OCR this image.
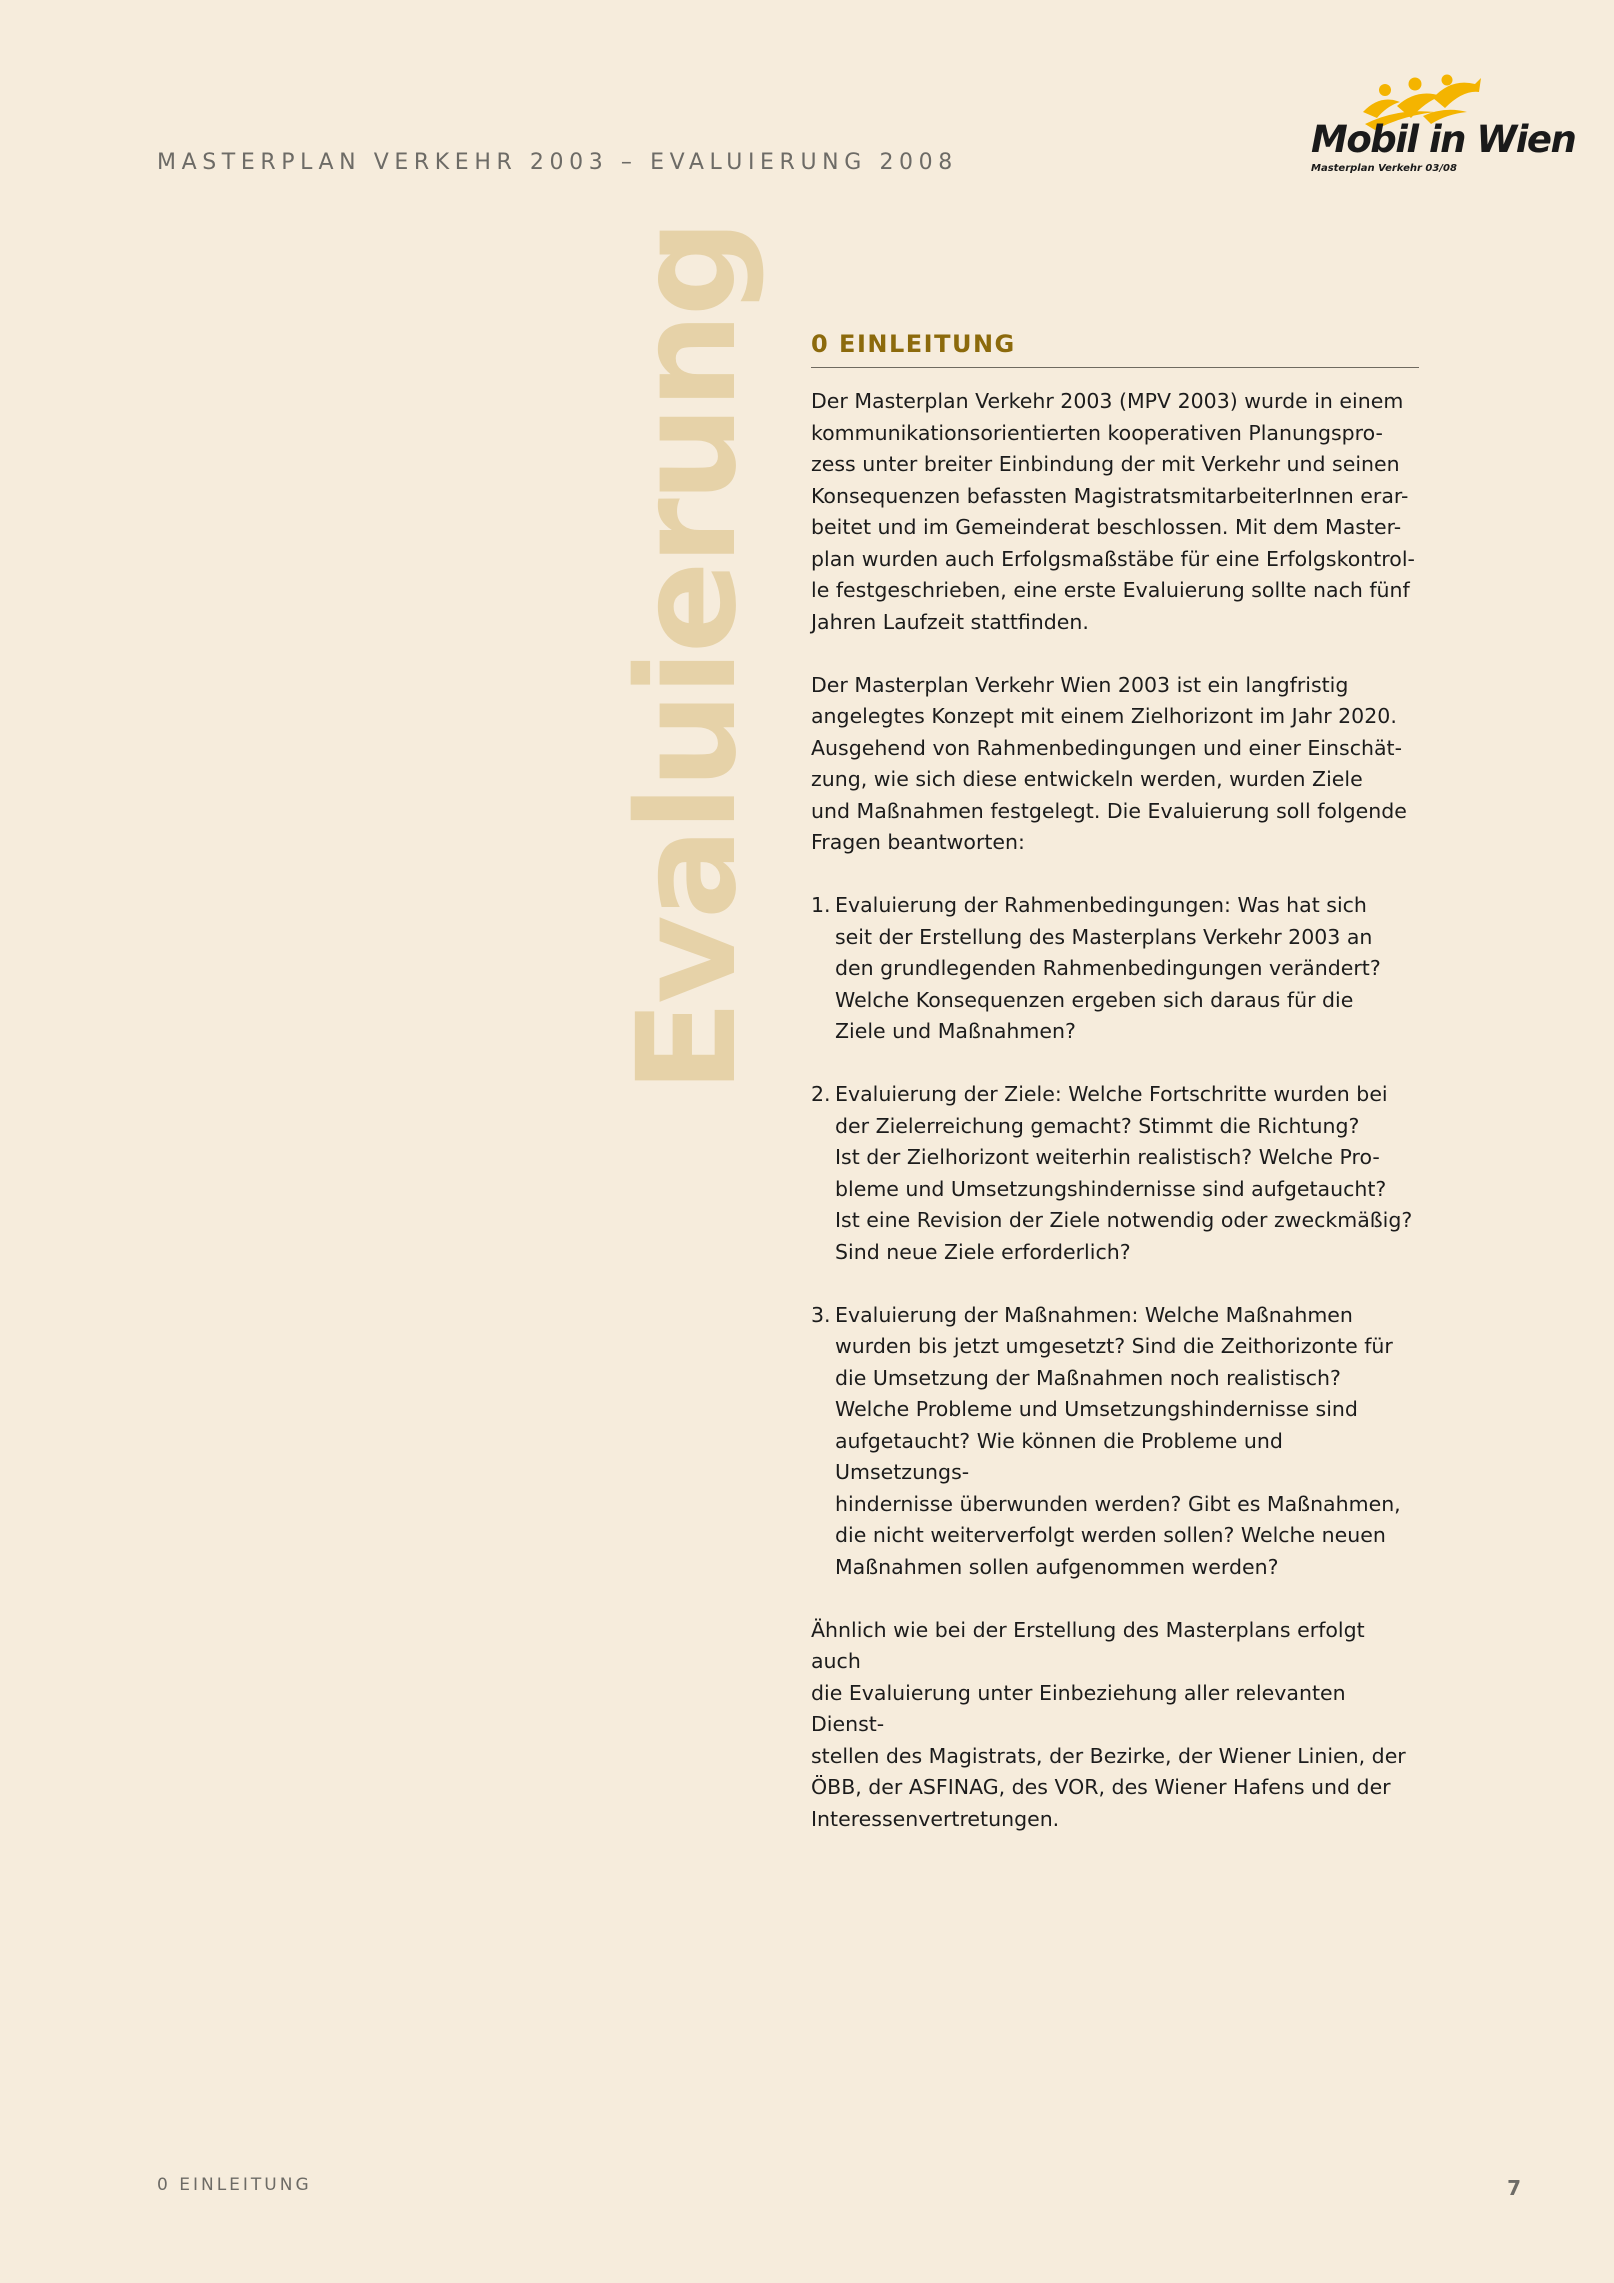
MASTERPLAN VERKEHR 2003 – EVALUIERUNG 2008
Mobil in Wien
Masterplan Verkehr 03/08
Evaluierung 0 EINLEITUNG

Der Masterplan Verkehr 2003 (MPV 2003) wurde in einem
kommunikationsorientierten kooperativen Planungspro-
zess unter breiter Einbindung der mit Verkehr und seinen
Konsequenzen befassten MagistratsmitarbeiterInnen erar-
beitet und im Gemeinderat beschlossen. Mit dem Master-
plan wurden auch Erfolgsmaßstäbe für eine Erfolgskontrol-
le festgeschrieben, eine erste Evaluierung sollte nach fünf
Jahren Laufzeit stattfinden.

Der Masterplan Verkehr Wien 2003 ist ein langfristig
angelegtes Konzept mit einem Zielhorizont im Jahr 2020.
Ausgehend von Rahmenbedingungen und einer Einschät-
zung, wie sich diese entwickeln werden, wurden Ziele
und Maßnahmen festgelegt. Die Evaluierung soll folgende
Fragen beantworten:

1. Evaluierung der Rahmenbedingungen: Was hat sich
seit der Erstellung des Masterplans Verkehr 2003 an
den grundlegenden Rahmenbedingungen verändert?
Welche Konsequenzen ergeben sich daraus für die
Ziele und Maßnahmen?
2. Evaluierung der Ziele: Welche Fortschritte wurden bei
der Zielerreichung gemacht? Stimmt die Richtung?
Ist der Zielhorizont weiterhin realistisch? Welche Pro-
bleme und Umsetzungshindernisse sind aufgetaucht?
Ist eine Revision der Ziele notwendig oder zweckmäßig?
Sind neue Ziele erforderlich?
3. Evaluierung der Maßnahmen: Welche Maßnahmen
wurden bis jetzt umgesetzt? Sind die Zeithorizonte für
die Umsetzung der Maßnahmen noch realistisch?
Welche Probleme und Umsetzungshindernisse sind
aufgetaucht? Wie können die Probleme und Umsetzungs-
hindernisse überwunden werden? Gibt es Maßnahmen,
die nicht weiterverfolgt werden sollen? Welche neuen
Maßnahmen sollen aufgenommen werden?

Ähnlich wie bei der Erstellung des Masterplans erfolgt auch
die Evaluierung unter Einbeziehung aller relevanten Dienst-
stellen des Magistrats, der Bezirke, der Wiener Linien, der
ÖBB, der ASFINAG, des VOR, des Wiener Hafens und der
Interessenvertretungen.

0 EINLEITUNG	7
